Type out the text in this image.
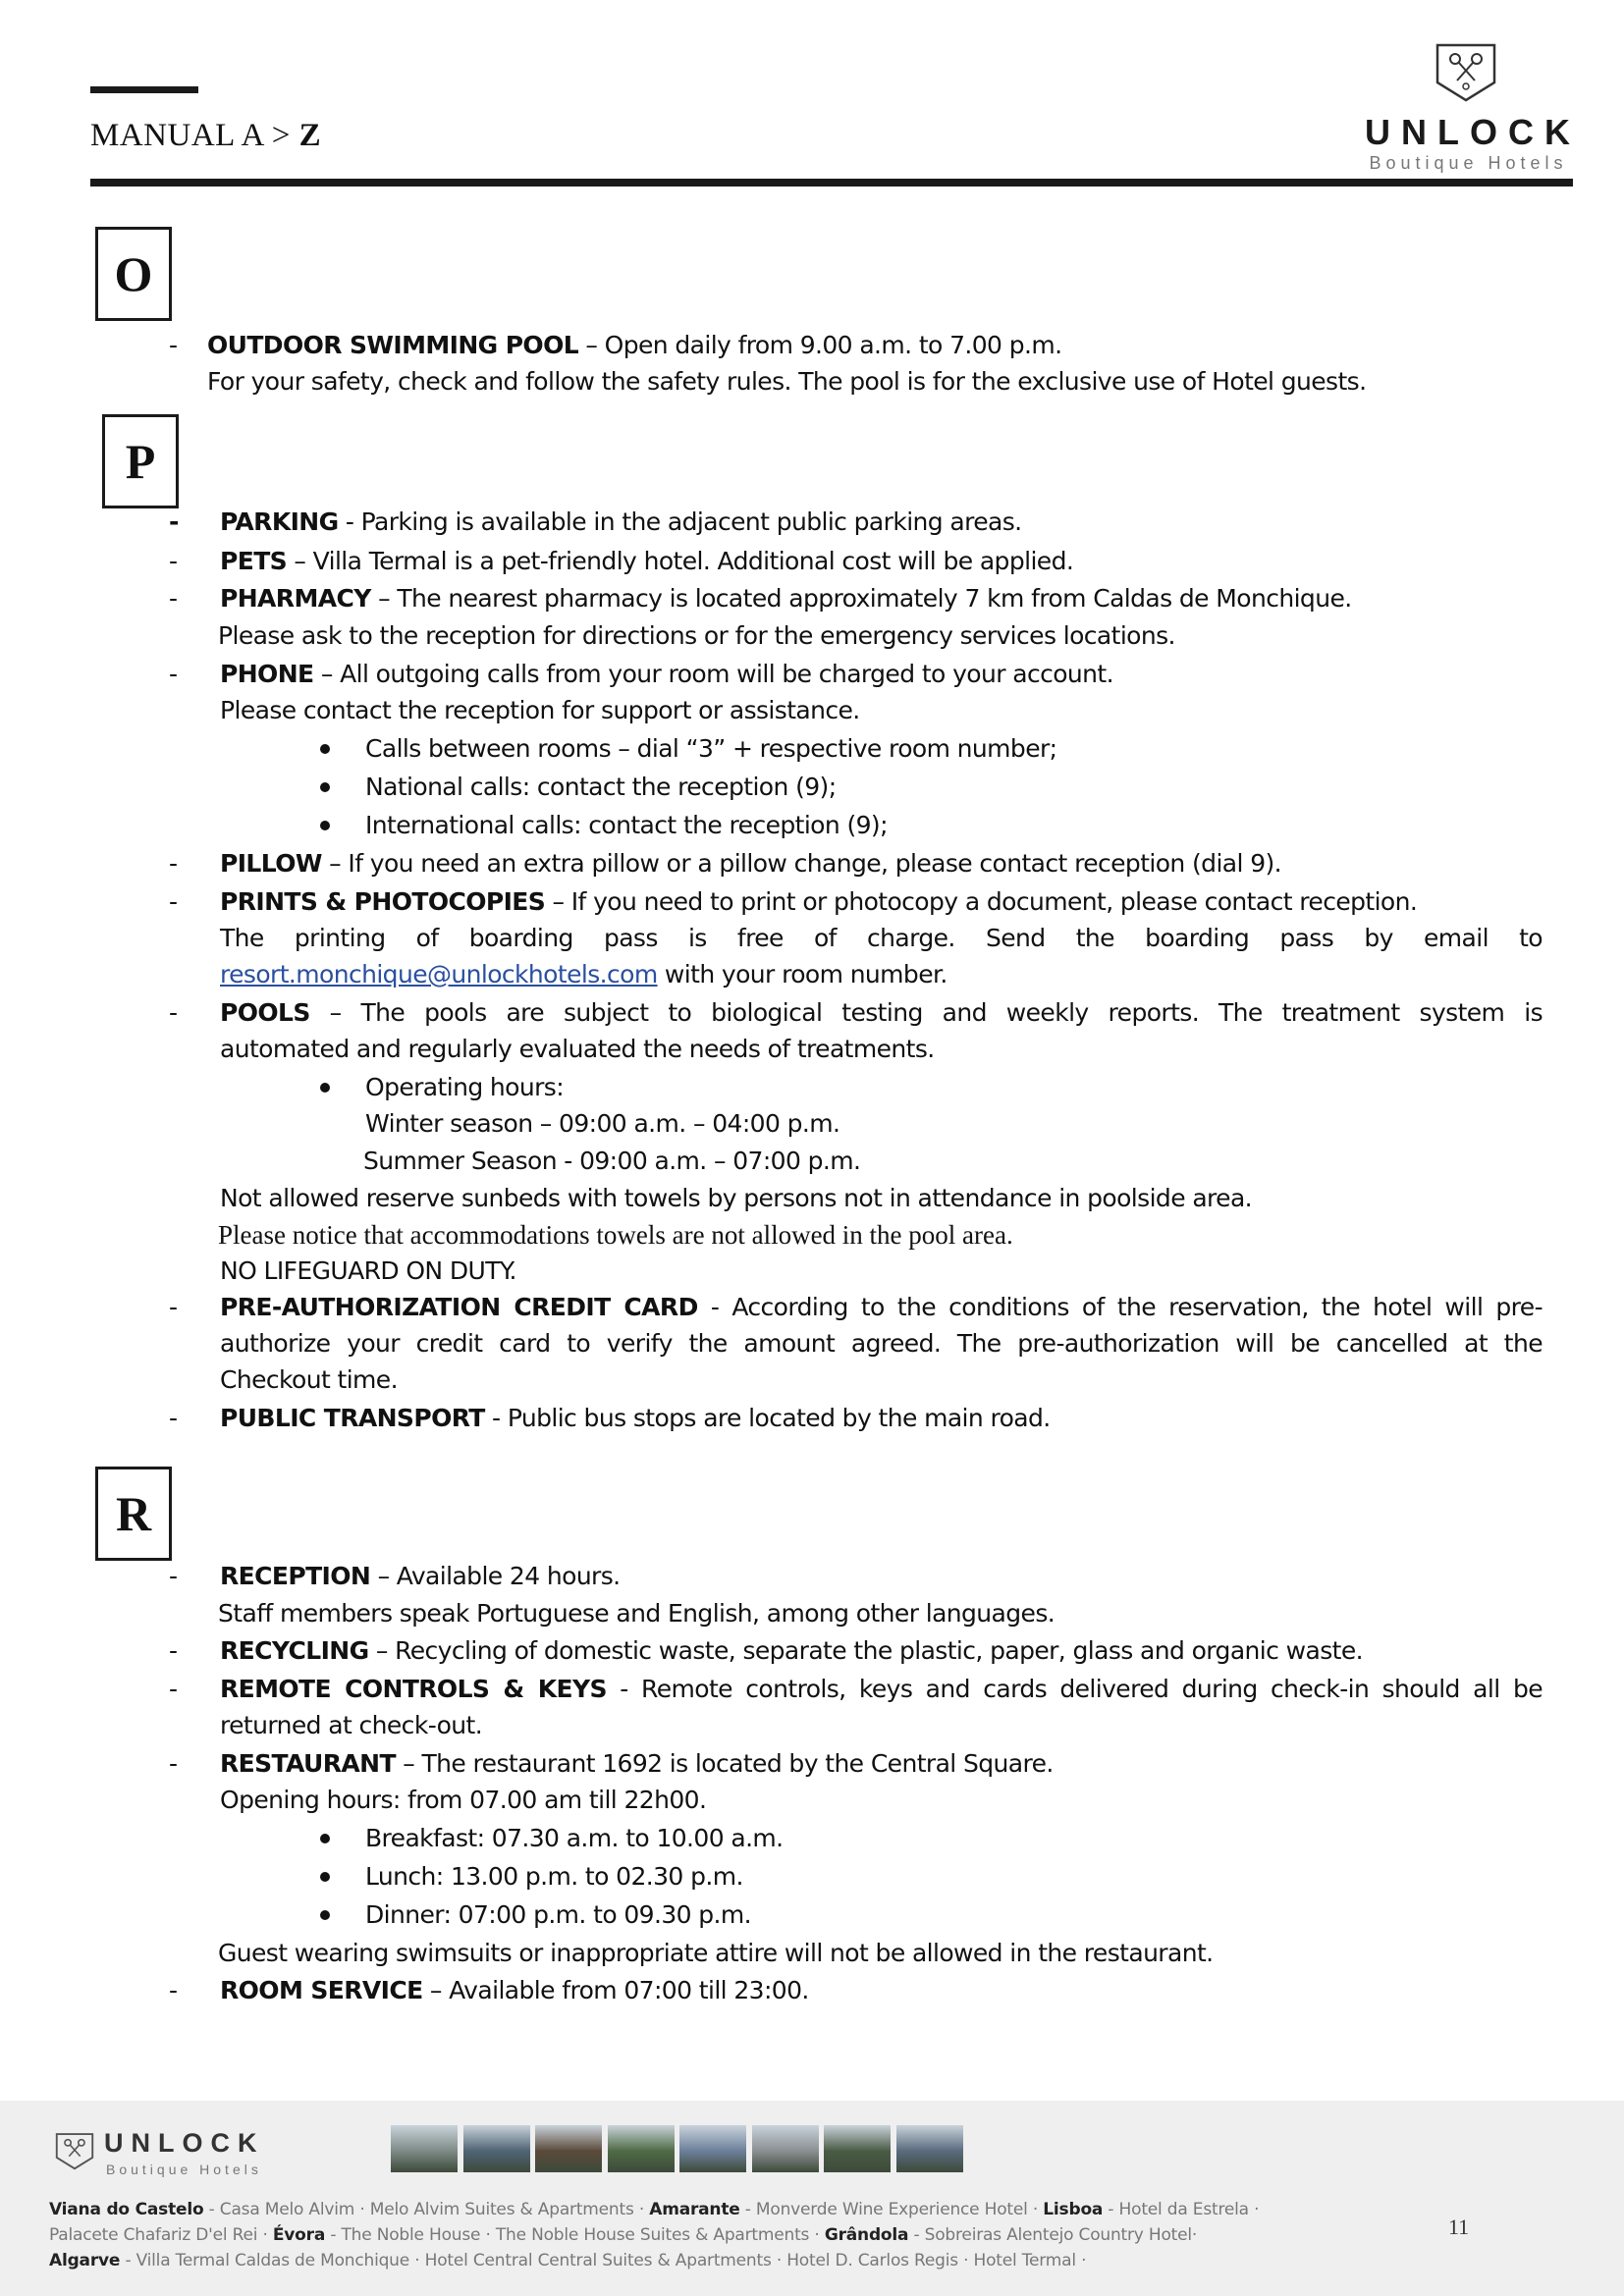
MANUAL A > Z	UNLOCK
Boutique Hotels
O
- OUTDOOR SWIMMING POOL – Open daily from 9.00 a.m. to 7.00 p.m.
For your safety, check and follow the safety rules. The pool is for the exclusive use of Hotel guests.
P
- PARKING - Parking is available in the adjacent public parking areas.
- PETS – Villa Termal is a pet-friendly hotel. Additional cost will be applied.
- PHARMACY – The nearest pharmacy is located approximately 7 km from Caldas de Monchique.
Please ask to the reception for directions or for the emergency services locations.
- PHONE – All outgoing calls from your room will be charged to your account.
Please contact the reception for support or assistance.
Calls between rooms – dial “3” + respective room number;
National calls: contact the reception (9);
International calls: contact the reception (9);
- PILLOW – If you need an extra pillow or a pillow change, please contact reception (dial 9).
- PRINTS & PHOTOCOPIES – If you need to print or photocopy a document, please contact reception.
The printing of boarding pass is free of charge. Send the boarding pass by email to
resort.monchique@unlockhotels.com with your room number.
- POOLS – The pools are subject to biological testing and weekly reports. The treatment system is
automated and regularly evaluated the needs of treatments.
Operating hours:
Winter season – 09:00 a.m. – 04:00 p.m.
Summer Season - 09:00 a.m. – 07:00 p.m.
Not allowed reserve sunbeds with towels by persons not in attendance in poolside area.
Please notice that accommodations towels are not allowed in the pool area.
NO LIFEGUARD ON DUTY.
- PRE-AUTHORIZATION CREDIT CARD - According to the conditions of the reservation, the hotel will pre-
authorize your credit card to verify the amount agreed. The pre-authorization will be cancelled at the
Checkout time.
- PUBLIC TRANSPORT - Public bus stops are located by the main road.
R
- RECEPTION – Available 24 hours.
Staff members speak Portuguese and English, among other languages.
- RECYCLING – Recycling of domestic waste, separate the plastic, paper, glass and organic waste.
- REMOTE CONTROLS & KEYS - Remote controls, keys and cards delivered during check-in should all be
returned at check-out.
- RESTAURANT – The restaurant 1692 is located by the Central Square.
Opening hours: from 07.00 am till 22h00.
Breakfast: 07.30 a.m. to 10.00 a.m.
Lunch: 13.00 p.m. to 02.30 p.m.
Dinner: 07:00 p.m. to 09.30 p.m.
Guest wearing swimsuits or inappropriate attire will not be allowed in the restaurant.
- ROOM SERVICE – Available from 07:00 till 23:00.
UNLOCK
Boutique Hotels
Viana do Castelo - Casa Melo Alvim · Melo Alvim Suites & Apartments · Amarante - Monverde Wine Experience Hotel · Lisboa - Hotel da Estrela ·
Palacete Chafariz D'el Rei · Évora - The Noble House · The Noble House Suites & Apartments · Grândola - Sobreiras Alentejo Country Hotel·
Algarve - Villa Termal Caldas de Monchique · Hotel Central Central Suites & Apartments · Hotel D. Carlos Regis · Hotel Termal ·
11
